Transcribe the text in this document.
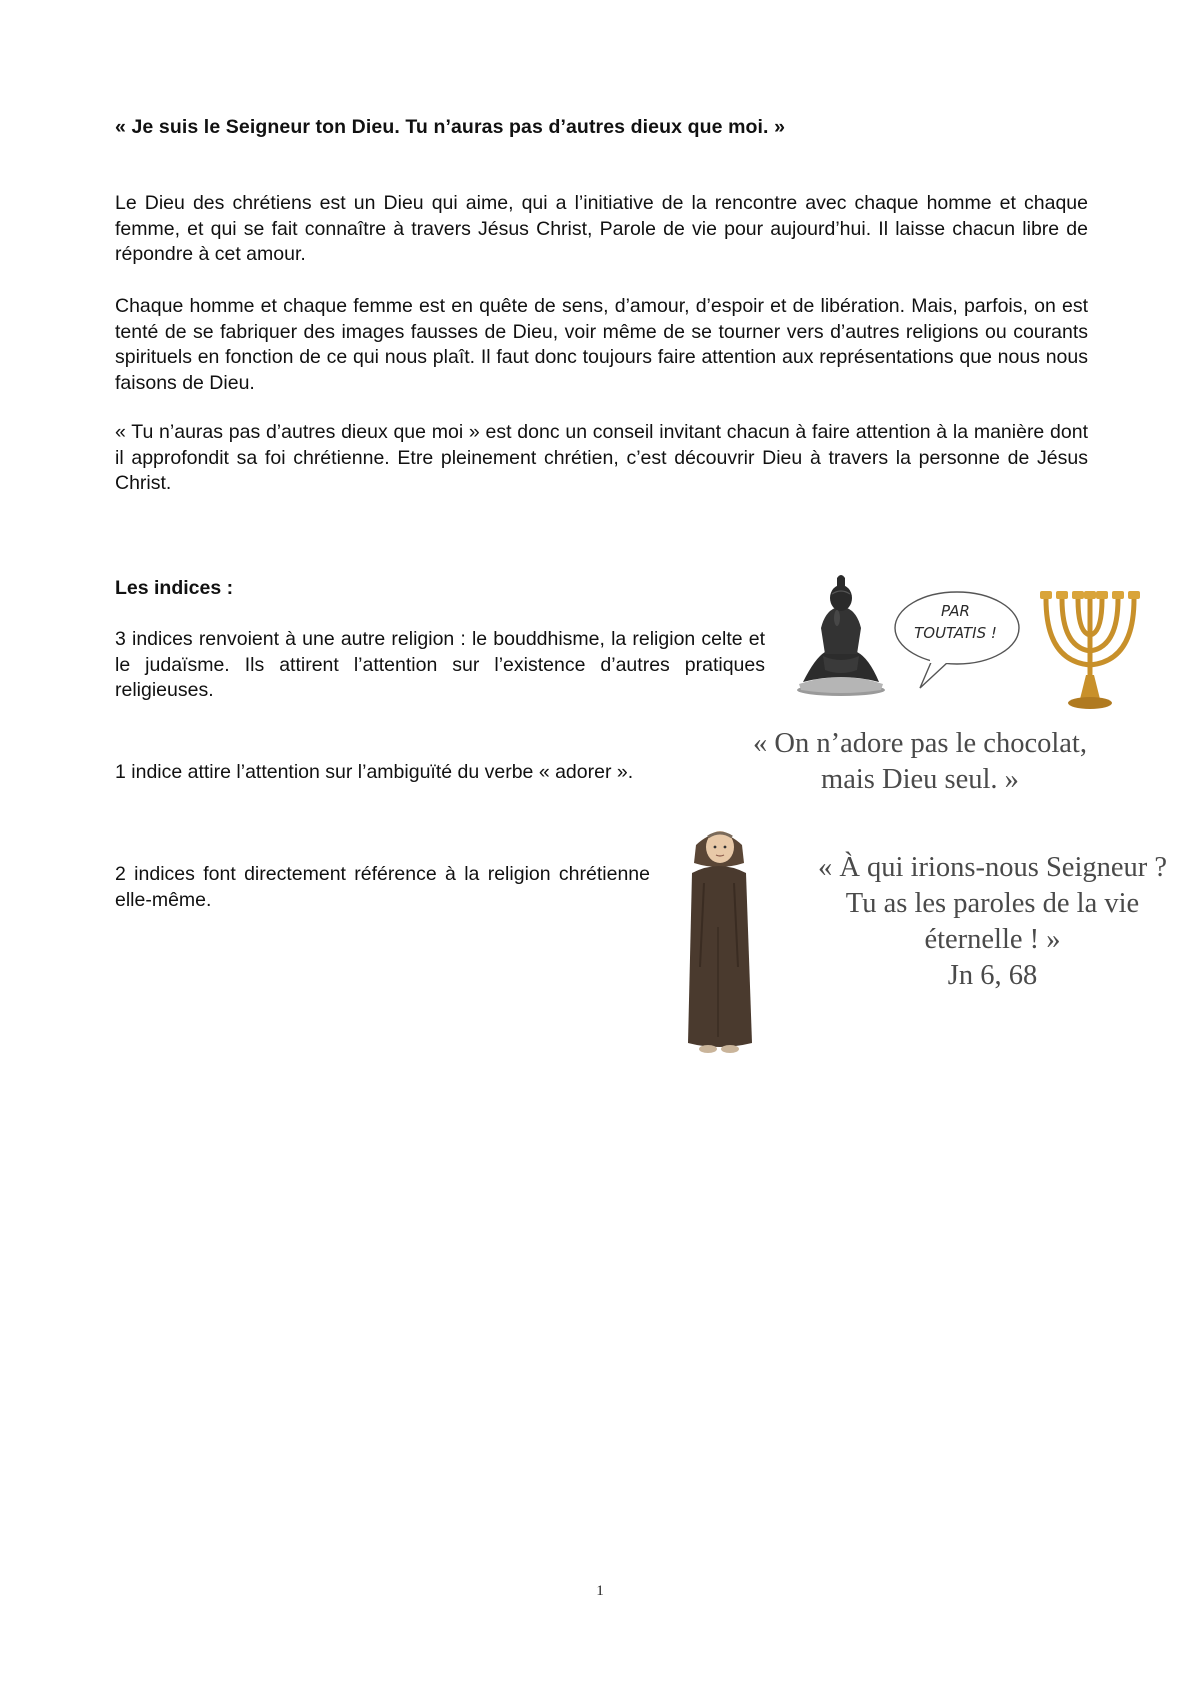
« Je suis le Seigneur ton Dieu. Tu n’auras pas d’autres dieux que moi. »

Le Dieu des chrétiens est un Dieu qui aime, qui a l’initiative de la rencontre avec chaque homme et chaque femme, et qui se fait connaître à travers Jésus Christ, Parole de vie pour aujourd’hui. Il laisse chacun libre de répondre à cet amour.

Chaque homme et chaque femme est en quête de sens, d’amour, d’espoir et de libération. Mais, parfois, on est tenté de se fabriquer des images fausses de Dieu, voir même de se tourner vers d’autres religions ou courants spirituels en fonction de ce qui nous plaît. Il faut donc toujours faire attention aux représentations que nous nous faisons de Dieu.

« Tu n’auras pas d’autres dieux que moi » est donc un conseil invitant chacun à faire attention à la manière dont il approfondit sa foi chrétienne. Etre pleinement chrétien, c’est découvrir Dieu à travers la personne de Jésus Christ.

Les indices :

3 indices renvoient à une autre religion : le bouddhisme, la religion celte et le judaïsme. Ils attirent l’attention sur l’existence d’autres pratiques religieuses.

1 indice attire l’attention sur l’ambiguïté du verbe « adorer ».

2 indices font directement référence à la religion chrétienne elle-même.

PAR
TOUTATIS !
« On n’adore pas le chocolat,
mais Dieu seul. »
« À qui irions-nous Seigneur ?
Tu as les paroles de la vie
éternelle ! »
Jn 6, 68
1
